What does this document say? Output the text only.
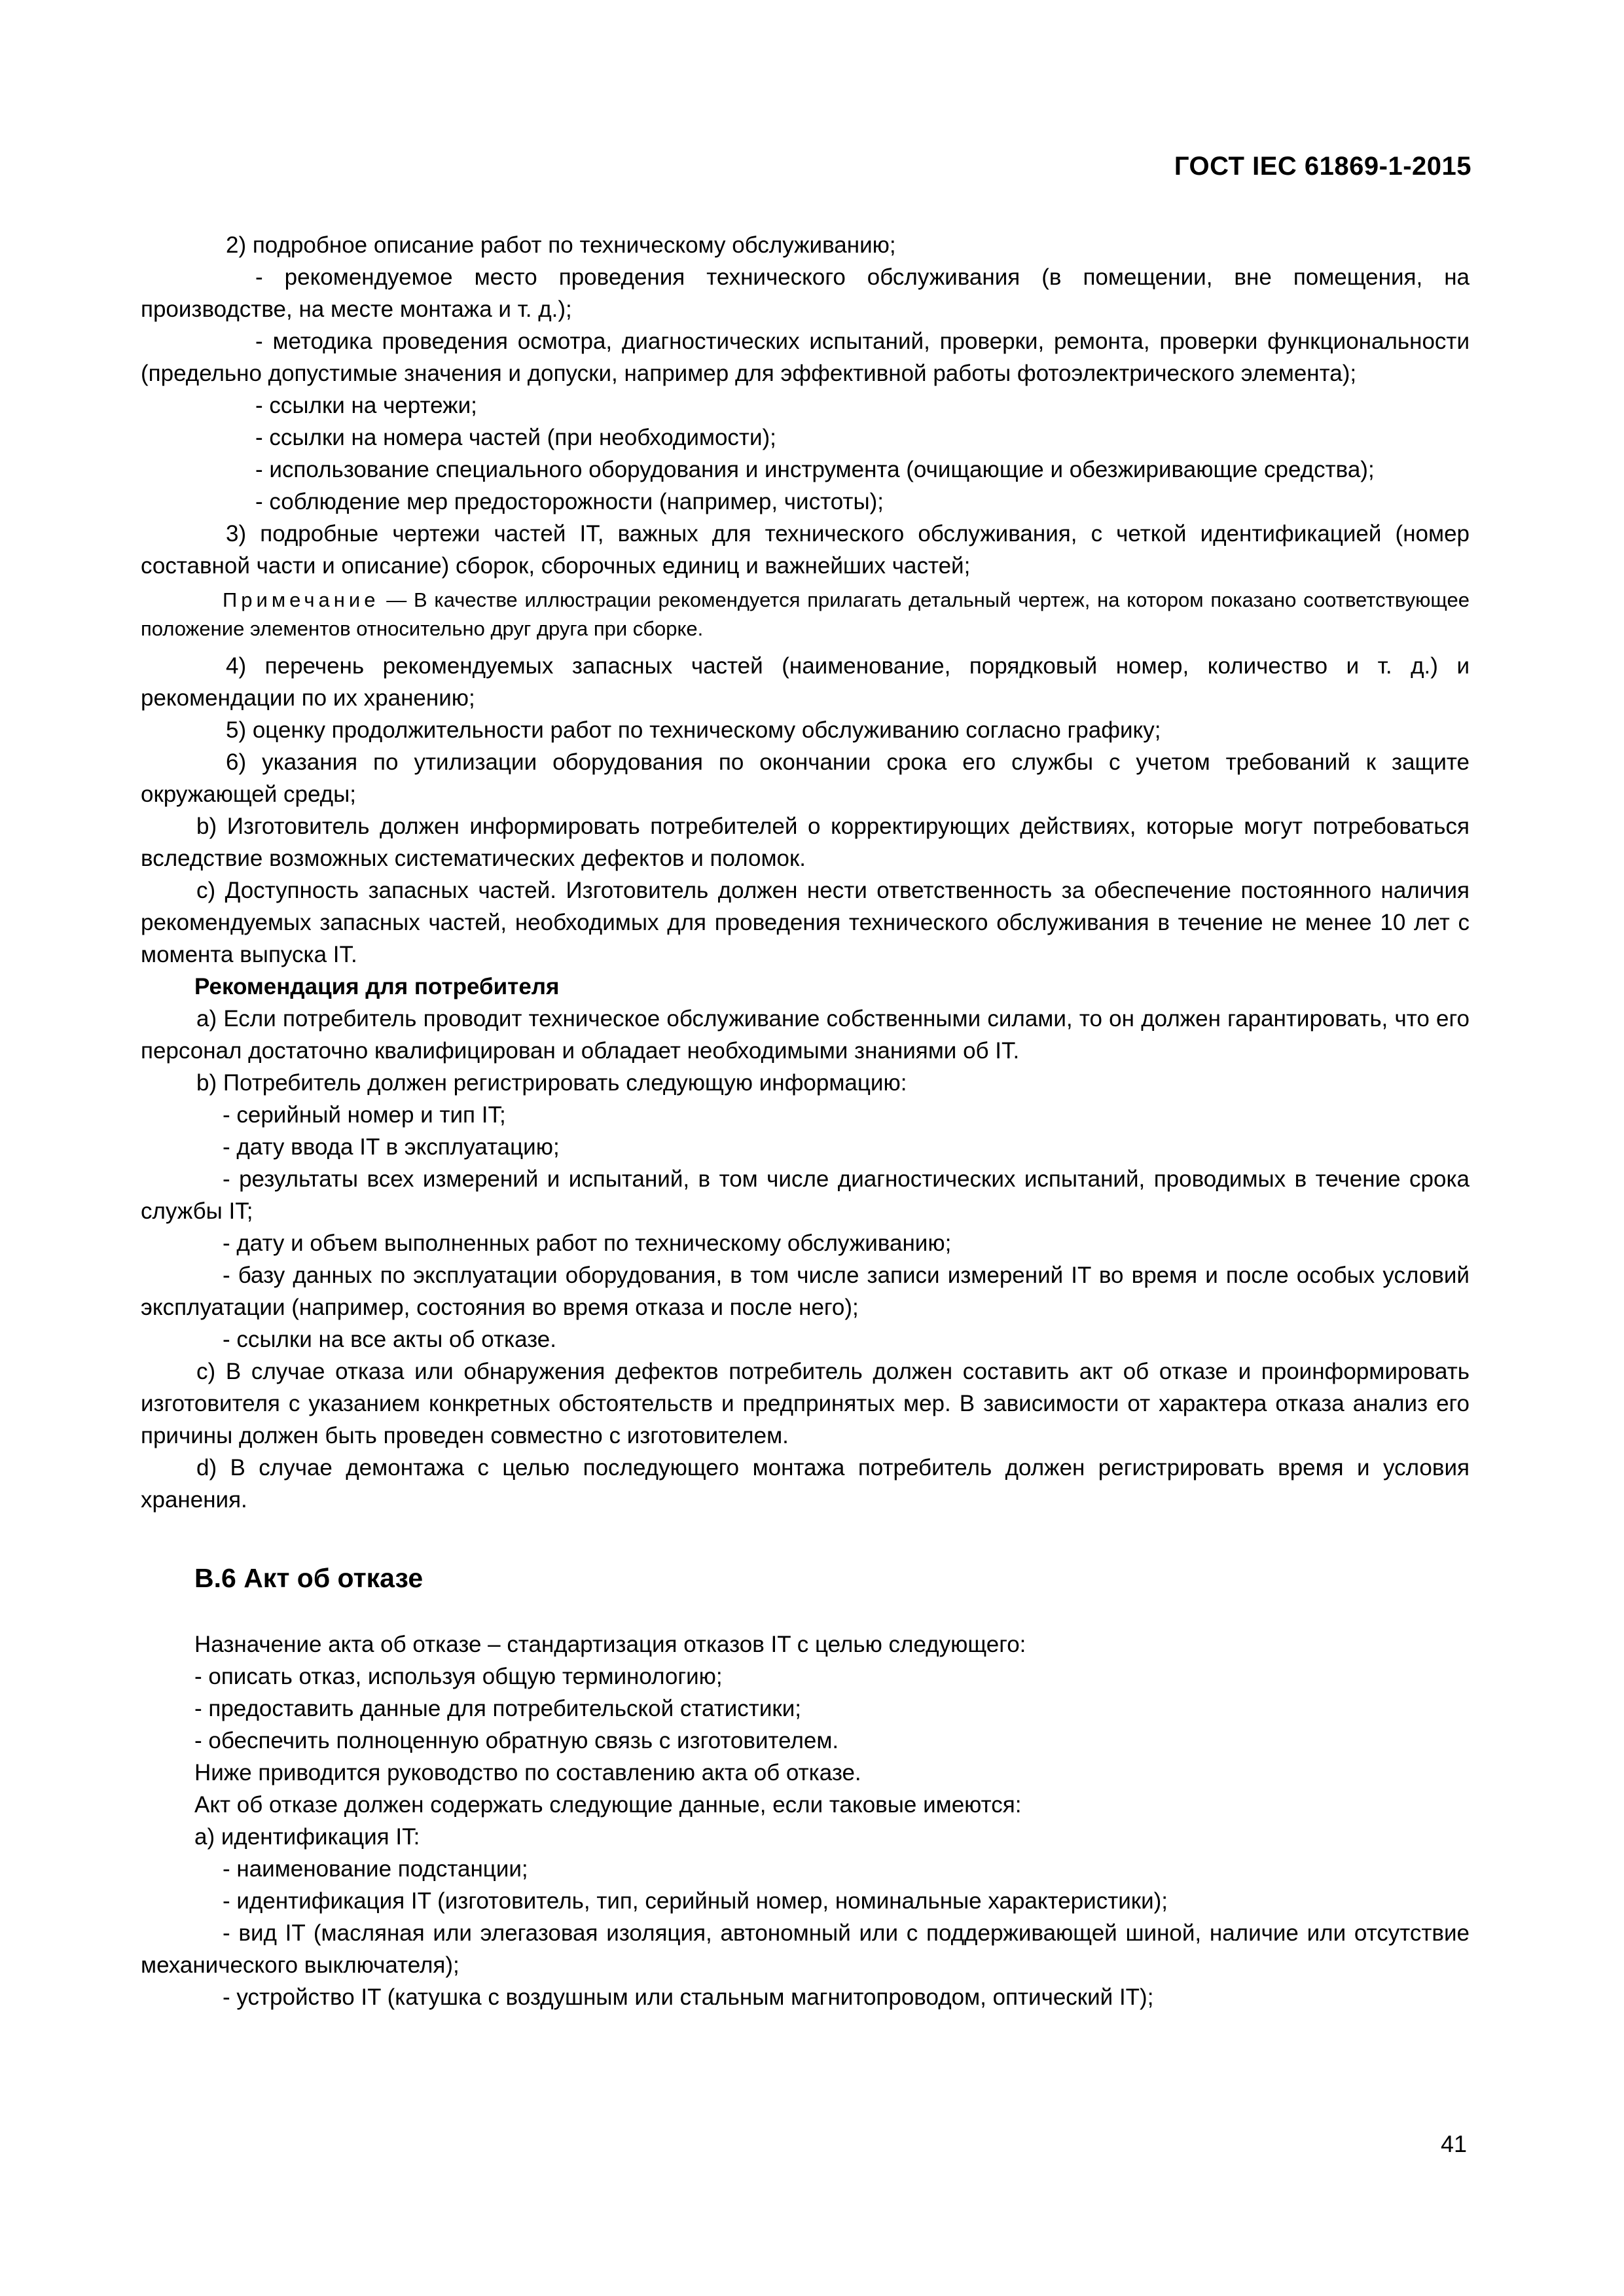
ГОСТ IEC 61869-1-2015

2) подробное описание работ по техническому обслуживанию;

- рекомендуемое место проведения технического обслуживания (в помещении, вне помещения, на производстве, на месте монтажа и т. д.);

- методика проведения осмотра, диагностических испытаний, проверки, ремонта, проверки функциональности (предельно допустимые значения и допуски, например для эффективной работы фотоэлектрического элемента);

- ссылки на чертежи;

- ссылки на номера частей (при необходимости);

- использование специального оборудования и инструмента (очищающие и обезжиривающие средства);

- соблюдение мер предосторожности (например, чистоты);

3) подробные чертежи частей IT, важных для технического обслуживания, с четкой идентификацией (номер составной части и описание) сборок, сборочных единиц и важнейших частей;

Примечание — В качестве иллюстрации рекомендуется прилагать детальный чертеж, на котором показано соответствующее положение элементов относительно друг друга при сборке.

4) перечень рекомендуемых запасных частей (наименование, порядковый номер, количество и т. д.) и рекомендации по их хранению;

5) оценку продолжительности работ по техническому обслуживанию согласно графику;

6) указания по утилизации оборудования по окончании срока его службы с учетом требований к защите окружающей среды;

b) Изготовитель должен информировать потребителей о корректирующих действиях, которые могут потребоваться вследствие возможных систематических дефектов и поломок.

c) Доступность запасных частей. Изготовитель должен нести ответственность за обеспечение постоянного наличия рекомендуемых запасных частей, необходимых для проведения технического обслуживания в течение не менее 10 лет с момента выпуска IT.

Рекомендация для потребителя

a) Если потребитель проводит техническое обслуживание собственными силами, то он должен гарантировать, что его персонал достаточно квалифицирован и обладает необходимыми знаниями об IT.

b) Потребитель должен регистрировать следующую информацию:

- серийный номер и тип IT;

- дату ввода IT в эксплуатацию;

- результаты всех измерений и испытаний, в том числе диагностических испытаний, проводимых в течение срока службы IT;

- дату и объем выполненных работ по техническому обслуживанию;

- базу данных по эксплуатации оборудования, в том числе записи измерений IT во время и после особых условий эксплуатации (например, состояния во время отказа и после него);

- ссылки на все акты об отказе.

c) В случае отказа или обнаружения дефектов потребитель должен составить акт об отказе и проинформировать изготовителя с указанием конкретных обстоятельств и предпринятых мер. В зависимости от характера отказа анализ его причины должен быть проведен совместно с изготовителем.

d) В случае демонтажа с целью последующего монтажа потребитель должен регистрировать время и условия хранения.

B.6 Акт об отказе

Назначение акта об отказе – стандартизация отказов IT с целью следующего:

- описать отказ, используя общую терминологию;

- предоставить данные для потребительской статистики;

- обеспечить полноценную обратную связь с изготовителем.

Ниже приводится руководство по составлению акта об отказе.

Акт об отказе должен содержать следующие данные, если таковые имеются:

a) идентификация IT:

- наименование подстанции;

- идентификация IT (изготовитель, тип, серийный номер, номинальные характеристики);

- вид IT (масляная или элегазовая изоляция, автономный или с поддерживающей шиной, наличие или отсутствие механического выключателя);

- устройство IT (катушка с воздушным или стальным магнитопроводом, оптический IT);

41
